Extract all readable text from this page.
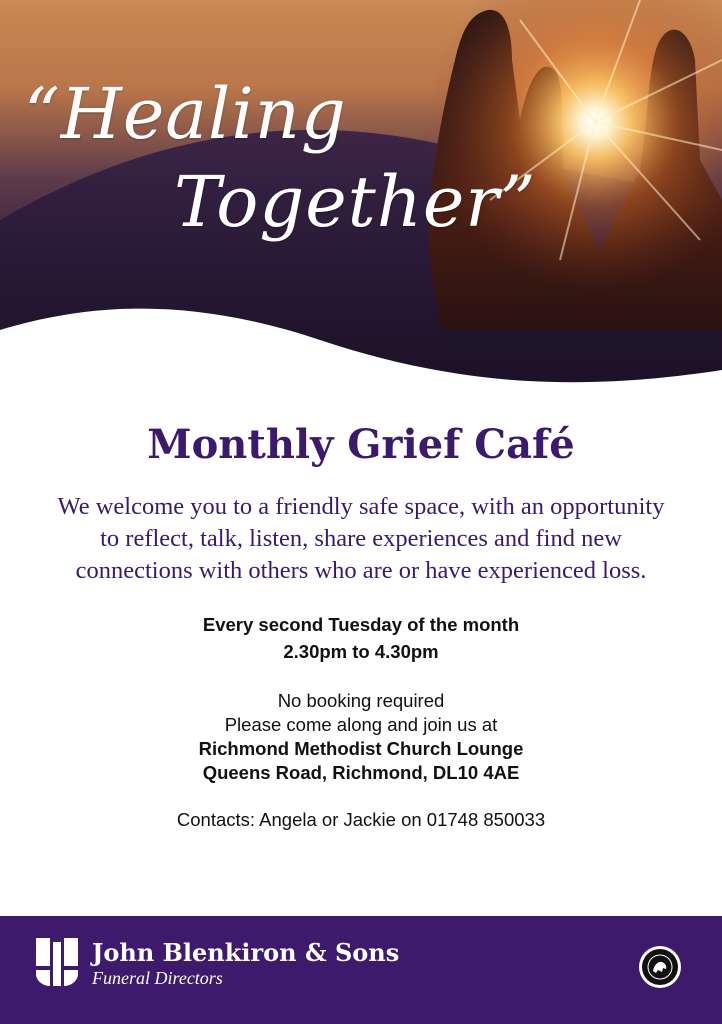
“Healing
Together”
Monthly Grief Café

We welcome you to a friendly safe space, with an opportunity to reflect, talk, listen, share experiences and find new connections with others who are or have experienced loss.

Every second Tuesday of the month
2.30pm to 4.30pm
No booking required
Please come along and join us at
Richmond Methodist Church Lounge
Queens Road, Richmond, DL10 4AE
Contacts: Angela or Jackie on 01748 850033
John Blenkiron & Sons
Funeral Directors
